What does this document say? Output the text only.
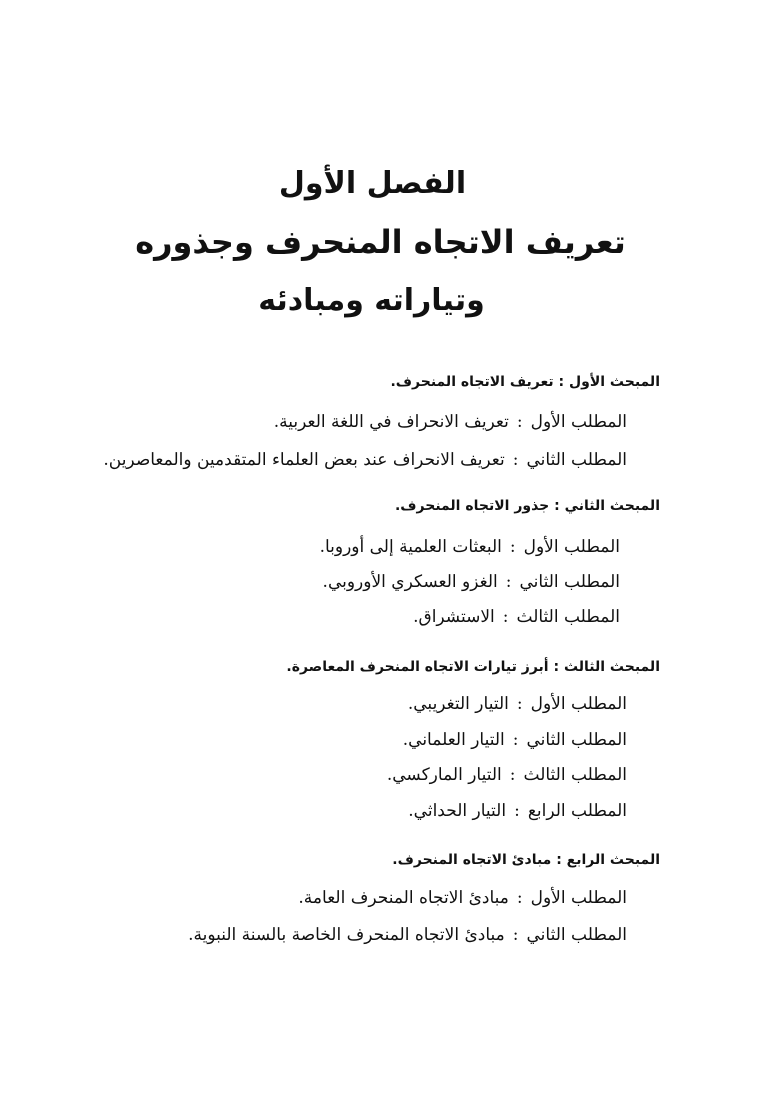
الفصل الأول
تعريف الاتجاه المنحرف وجذوره
وتياراته ومبادئه
المبحث الأول : تعريف الاتجاه المنحرف.
المطلب الأول:تعريف الانحراف في اللغة العربية.
المطلب الثاني:تعريف الانحراف عند بعض العلماء المتقدمين والمعاصرين.
المبحث الثاني : جذور الاتجاه المنحرف.
المطلب الأول:البعثات العلمية إلى أوروبا.
المطلب الثاني:الغزو العسكري الأوروبي.
المطلب الثالث:الاستشراق.
المبحث الثالث : أبرز تيارات الاتجاه المنحرف المعاصرة.
المطلب الأول:التيار التغريبي.
المطلب الثاني:التيار العلماني.
المطلب الثالث:التيار الماركسي.
المطلب الرابع:التيار الحداثي.
المبحث الرابع : مبادئ الاتجاه المنحرف.
المطلب الأول:مبادئ الاتجاه المنحرف العامة.
المطلب الثاني:مبادئ الاتجاه المنحرف الخاصة بالسنة النبوية.
